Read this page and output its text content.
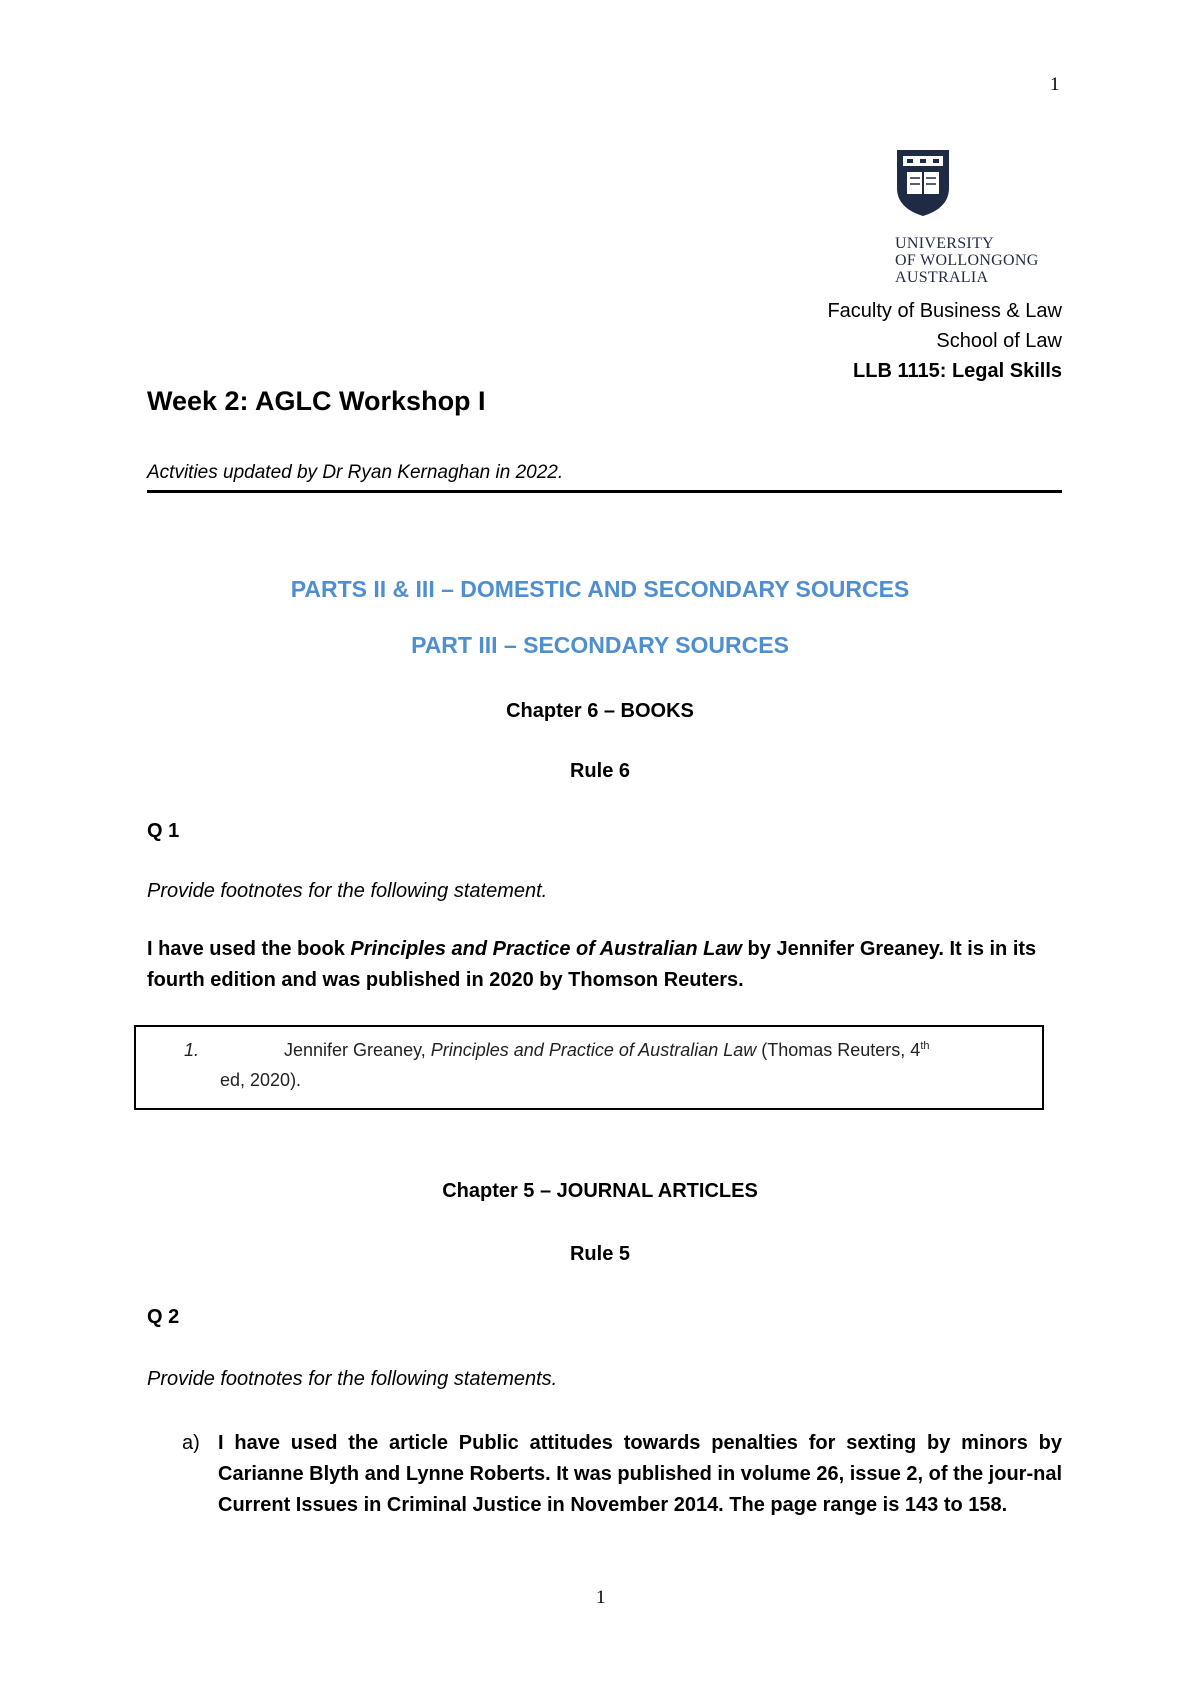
1
UNIVERSITY
OF WOLLONGONG
AUSTRALIA
Faculty of Business & Law
School of Law
LLB 1115: Legal Skills
Week 2: AGLC Workshop I
Actvities updated by Dr Ryan Kernaghan in 2022.
PARTS II & III – DOMESTIC AND SECONDARY SOURCES
PART III – SECONDARY SOURCES
Chapter 6 – BOOKS
Rule 6
Q 1
Provide footnotes for the following statement.
I have used the book Principles and Practice of Australian Law by Jennifer Greaney. It is in its fourth edition and was published in 2020 by Thomson Reuters.
1.	Jennifer Greaney, Principles and Practice of Australian Law (Thomas Reuters, 4th
ed, 2020).
Chapter 5 – JOURNAL ARTICLES
Rule 5
Q 2
Provide footnotes for the following statements.
a) I have used the article Public attitudes towards penalties for sexting by minors by Carianne Blyth and Lynne Roberts. It was published in volume 26, issue 2, of the jour-nal Current Issues in Criminal Justice in November 2014. The page range is 143 to 158.
1
